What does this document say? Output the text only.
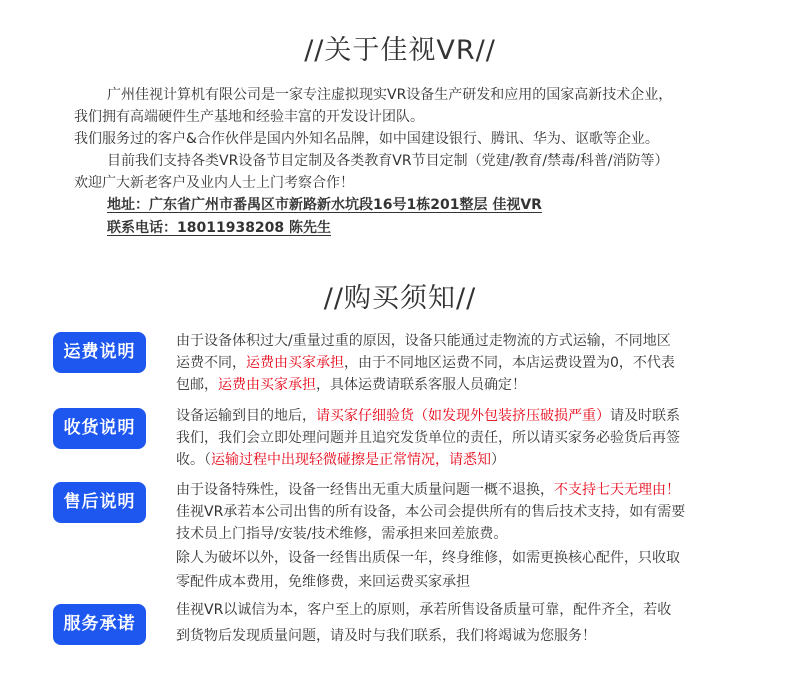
//关于佳视VR//

广州佳视计算机有限公司是一家专注虚拟现实VR设备生产研发和应用的国家高新技术企业，

我们拥有高端硬件生产基地和经验丰富的开发设计团队。

我们服务过的客户&合作伙伴是国内外知名品牌，如中国建设银行、腾讯、华为、讴歌等企业。

目前我们支持各类VR设备节目定制及各类教育VR节目定制（党建/教育/禁毒/科普/消防等）

欢迎广大新老客户及业内人士上门考察合作！

地址：广东省广州市番禺区市新路新水坑段16号1栋201整层 佳视VR

联系电话：18011938208 陈先生

//购买须知//
运费说明

由于设备体积过大/重量过重的原因，设备只能通过走物流的方式运输，不同地区

运费不同，运费由买家承担，由于不同地区运费不同，本店运费设置为0，不代表

包邮，运费由买家承担，具体运费请联系客服人员确定！

收货说明

设备运输到目的地后，请买家仔细验货（如发现外包装挤压破损严重）请及时联系

我们，我们会立即处理问题并且追究发货单位的责任，所以请买家务必验货后再签

收。（运输过程中出现轻微碰擦是正常情况，请悉知）

售后说明

由于设备特殊性，设备一经售出无重大质量问题一概不退换，不支持七天无理由！

佳视VR承若本公司出售的所有设备，本公司会提供所有的售后技术支持，如有需要

技术员上门指导/安装/技术维修，需承担来回差旅费。

除人为破坏以外，设备一经售出质保一年，终身维修，如需更换核心配件，只收取

零配件成本费用，免维修费，来回运费买家承担

服务承诺

佳视VR以诚信为本，客户至上的原则，承若所售设备质量可靠，配件齐全，若收

到货物后发现质量问题，请及时与我们联系，我们将竭诚为您服务！
